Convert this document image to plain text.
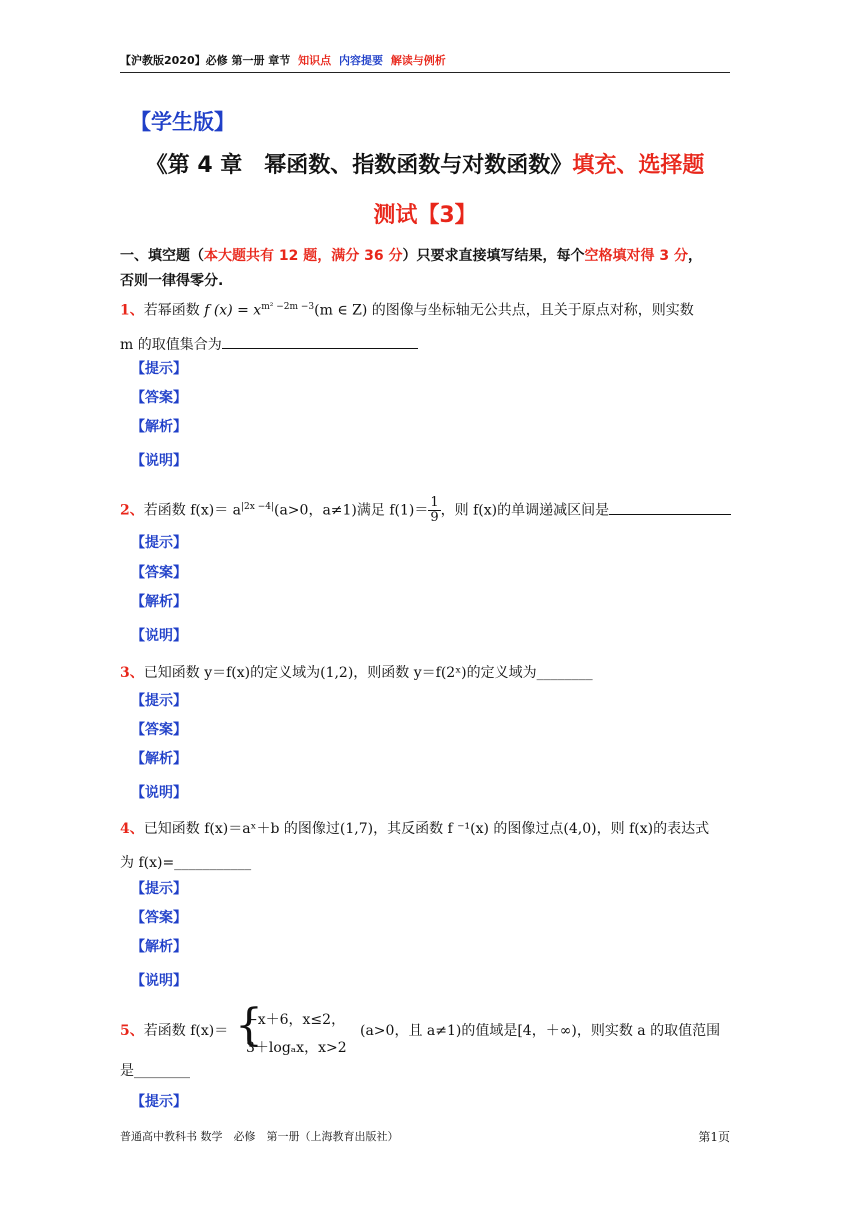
【沪教版2020】必修 第一册 章节 知识点 内容提要 解读与例析
【学生版】
《第 4 章　幂函数、指数函数与对数函数》填充、选择题
测试【3】
一、填空题（本大题共有 12 题，满分 36 分）只要求直接填写结果，每个空格填对得 3 分，
否则一律得零分.
1、若幂函数 f $(x) = x^{m^2 -2m -3}(m$ ∈ Z) 的图像与坐标轴无公共点，且关于原点对称，则实数
m 的取值集合为
【提示】
【答案】
【解析】
【说明】
2、若函数 $f(x)= a^{|2x -4|}(a>0$，a≠1)满足 $f(1)= \frac{1}{9}$ ，则 f(x)的单调递减区间是
【提示】
【答案】
【解析】
【说明】
3、已知函数 y＝f(x)的定义域为(1,2)，则函数 y＝f(2ˣ)的定义域为________
【提示】
【答案】
【解析】
【说明】
4、已知函数 f(x)＝aˣ＋b 的图像过(1,7)，其反函数 f ⁻¹(x) 的图像过点(4,0)，则 f(x)的表达式
为 f(x)=___________
【提示】
【答案】
【解析】
【说明】
5、若函数 f(x)＝
−x＋6，x≤2，
3＋logₐx，x>2
(a>0，且 a≠1)的值域是[4，＋∞)，则实数 a 的取值范围
是________
{
【提示】
普通高中教科书 数学　必修　第一册（上海教育出版社）	第1页
